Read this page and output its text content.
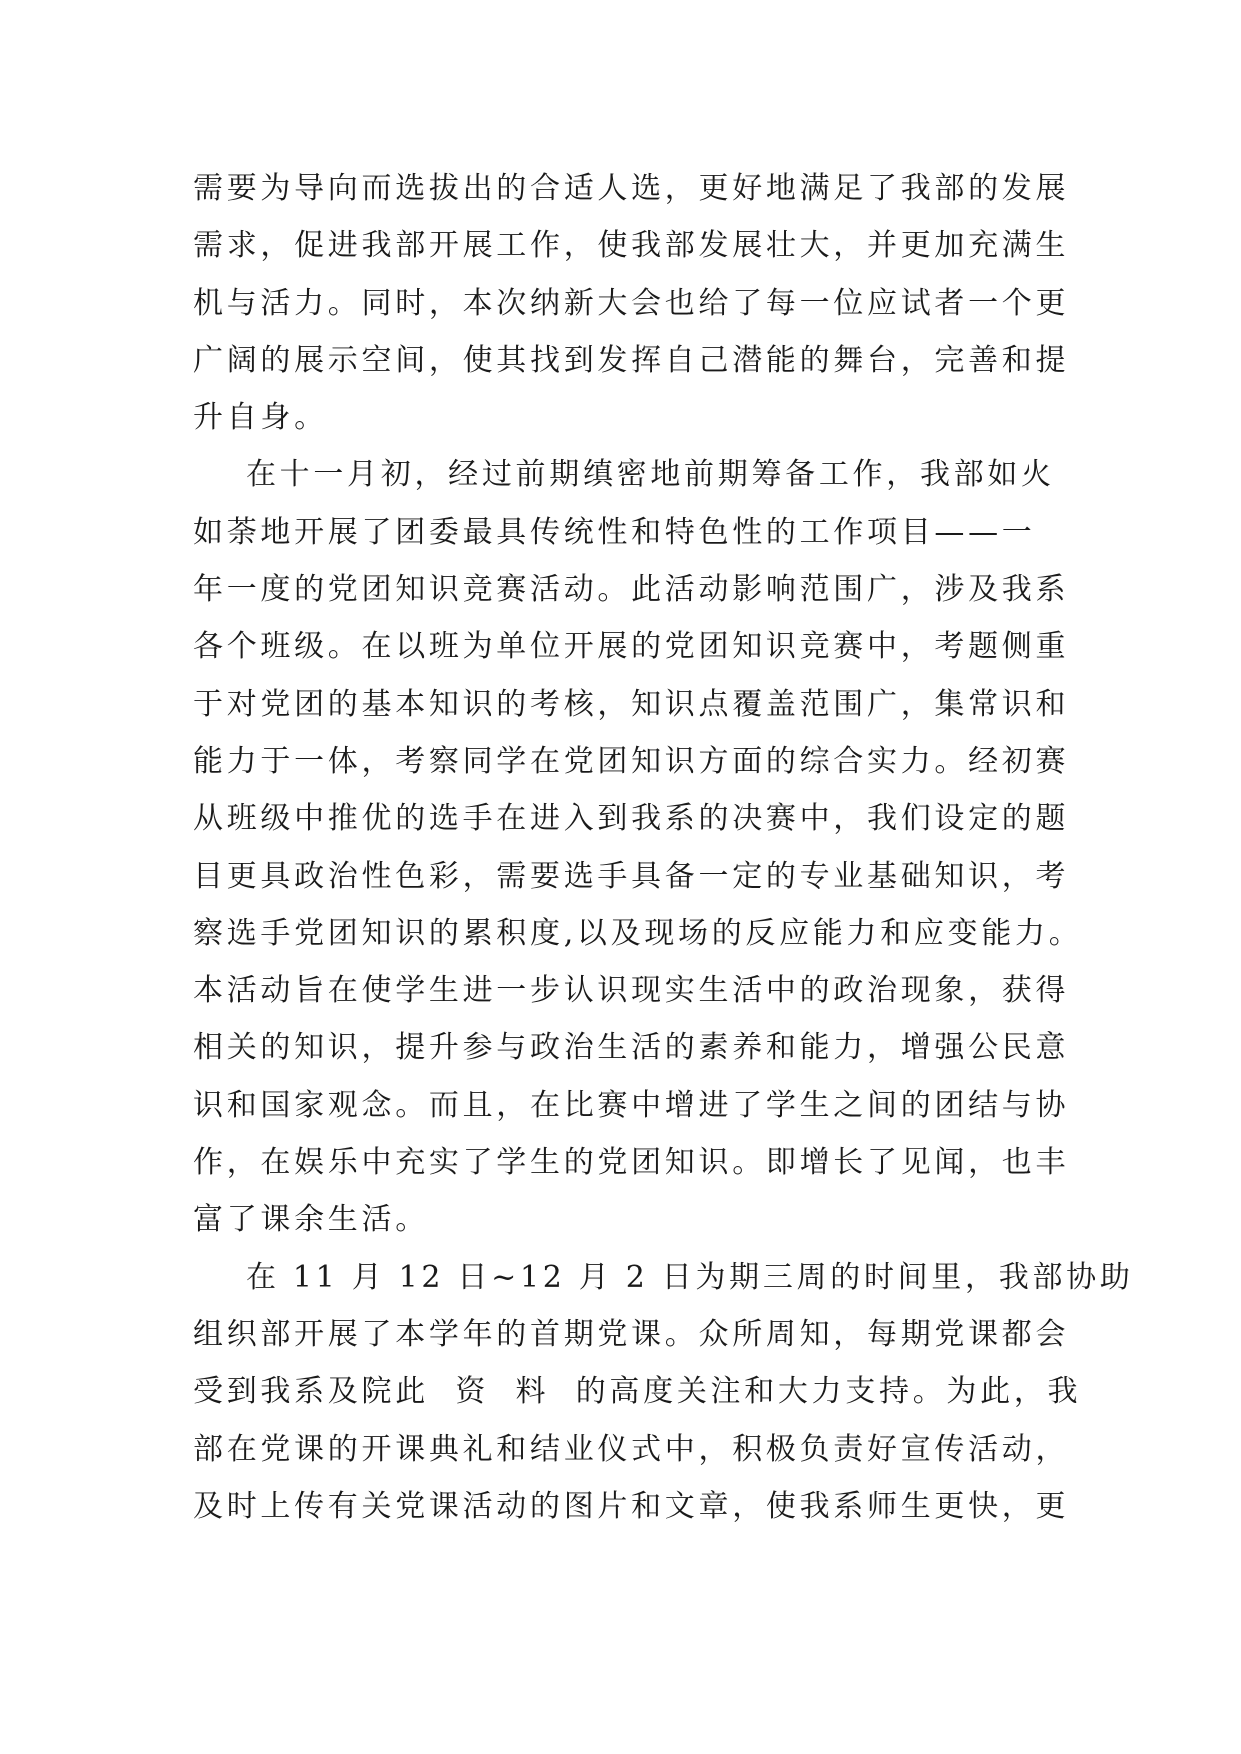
需要为导向而选拔出的合适人选，更好地满足了我部的发展
需求，促进我部开展工作，使我部发展壮大，并更加充满生
机与活力。同时，本次纳新大会也给了每一位应试者一个更
广阔的展示空间，使其找到发挥自己潜能的舞台，完善和提
升自身。
在十一月初，经过前期缜密地前期筹备工作，我部如火
如荼地开展了团委最具传统性和特色性的工作项目——一
年一度的党团知识竞赛活动。此活动影响范围广，涉及我系
各个班级。在以班为单位开展的党团知识竞赛中，考题侧重
于对党团的基本知识的考核，知识点覆盖范围广，集常识和
能力于一体，考察同学在党团知识方面的综合实力。经初赛
从班级中推优的选手在进入到我系的决赛中，我们设定的题
目更具政治性色彩，需要选手具备一定的专业基础知识，考
察选手党团知识的累积度,以及现场的反应能力和应变能力。
本活动旨在使学生进一步认识现实生活中的政治现象，获得
相关的知识，提升参与政治生活的素养和能力，增强公民意
识和国家观念。而且，在比赛中增进了学生之间的团结与协
作，在娱乐中充实了学生的党团知识。即增长了见闻，也丰
富了课余生活。
在 11 月 12 日~12 月 2 日为期三周的时间里，我部协助
组织部开展了本学年的首期党课。众所周知，每期党课都会
受到我系及院此  资  料  的高度关注和大力支持。为此，我
部在党课的开课典礼和结业仪式中，积极负责好宣传活动，
及时上传有关党课活动的图片和文章，使我系师生更快，更
